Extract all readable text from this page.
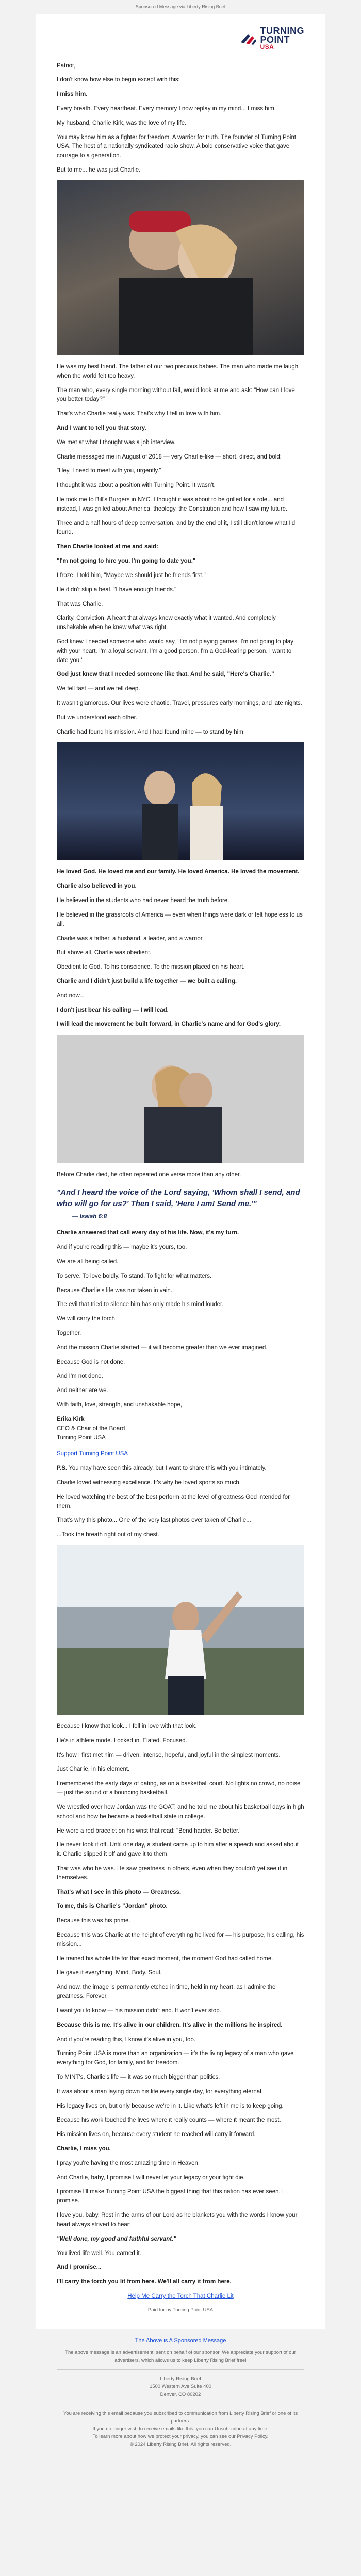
Sponsored Message via Liberty Rising Brief
TURNING
POINT
USA

Patriot,

I don't know how else to begin except with this:

I miss him.

Every breath. Every heartbeat. Every memory I now replay in my mind... I miss him.

My husband, Charlie Kirk, was the love of my life.

You may know him as a fighter for freedom. A warrior for truth. The founder of Turning Point USA. The host of a nationally syndicated radio show. A bold conservative voice that gave courage to a generation.

But to me... he was just Charlie.

He was my best friend. The father of our two precious babies. The man who made me laugh when the world felt too heavy.

The man who, every single morning without fail, would look at me and ask: "How can I love you better today?"

That's who Charlie really was. That's why I fell in love with him.

And I want to tell you that story.

We met at what I thought was a job interview.

Charlie messaged me in August of 2018 — very Charlie-like — short, direct, and bold:

"Hey, I need to meet with you, urgently."

I thought it was about a position with Turning Point. It wasn't.

He took me to Bill's Burgers in NYC. I thought it was about to be grilled for a role... and instead, I was grilled about America, theology, the Constitution and how I saw my future.

Three and a half hours of deep conversation, and by the end of it, I still didn't know what I'd found.

Then Charlie looked at me and said:

"I'm not going to hire you. I'm going to date you."

I froze. I told him, "Maybe we should just be friends first."

He didn't skip a beat. "I have enough friends."

That was Charlie.

Clarity. Conviction. A heart that always knew exactly what it wanted. And completely unshakable when he knew what was right.

God knew I needed someone who would say, "I'm not playing games. I'm not going to play with your heart. I'm a loyal servant. I'm a good person. I'm a God-fearing person. I want to date you."

God just knew that I needed someone like that. And he said, "Here's Charlie."

We fell fast — and we fell deep.

It wasn't glamorous. Our lives were chaotic. Travel, pressures early mornings, and late nights.

But we understood each other.

Charlie had found his mission. And I had found mine — to stand by him.

He loved God. He loved me and our family. He loved America. He loved the movement.

Charlie also believed in you.

He believed in the students who had never heard the truth before.

He believed in the grassroots of America — even when things were dark or felt hopeless to us all.

Charlie was a father, a husband, a leader, and a warrior.

But above all, Charlie was obedient.

Obedient to God. To his conscience. To the mission placed on his heart.

Charlie and I didn't just build a life together — we built a calling.

And now...

I don't just bear his calling — I will lead.

I will lead the movement he built forward, in Charlie's name and for God's glory.

Before Charlie died, he often repeated one verse more than any other.

"And I heard the voice of the Lord saying, 'Whom shall I send, and who will go for us?' Then I said, 'Here I am! Send me.'"
— Isaiah 6:8

Charlie answered that call every day of his life. Now, it's my turn.

And if you're reading this — maybe it's yours, too.

We are all being called.

To serve. To love boldly. To stand. To fight for what matters.

Because Charlie's life was not taken in vain.

The evil that tried to silence him has only made his mind louder.

We will carry the torch.

Together.

And the mission Charlie started — it will become greater than we ever imagined.

Because God is not done.

And I'm not done.

And neither are we.

With faith, love, strength, and unshakable hope,

Erika Kirk

CEO & Chair of the Board

Turning Point USA

Support Turning Point USA

P.S. You may have seen this already, but I want to share this with you intimately.

Charlie loved witnessing excellence. It's why he loved sports so much.

He loved watching the best of the best perform at the level of greatness God intended for them.

That's why this photo... One of the very last photos ever taken of Charlie...

...Took the breath right out of my chest.

Because I know that look... I fell in love with that look.

He's in athlete mode. Locked in. Elated. Focused.

It's how I first met him — driven, intense, hopeful, and joyful in the simplest moments.

Just Charlie, in his element.

I remembered the early days of dating, as on a basketball court. No lights no crowd, no noise — just the sound of a bouncing basketball.

We wrestled over how Jordan was the GOAT, and he told me about his basketball days in high school and how he became a basketball state in college.

He wore a red bracelet on his wrist that read: "Bend harder. Be better."

He never took it off. Until one day, a student came up to him after a speech and asked about it. Charlie slipped it off and gave it to them.

That was who he was. He saw greatness in others, even when they couldn't yet see it in themselves.

That's what I see in this photo — Greatness.

To me, this is Charlie's "Jordan" photo.

Because this was his prime.

Because this was Charlie at the height of everything he lived for — his purpose, his calling, his mission...

He trained his whole life for that exact moment, the moment God had called home.

He gave it everything. Mind. Body. Soul.

And now, the image is permanently etched in time, held in my heart, as I admire the greatness. Forever.

I want you to know — his mission didn't end. It won't ever stop.

Because this is me. It's alive in our children. It's alive in the millions he inspired.

And if you're reading this, I know it's alive in you, too.

Turning Point USA is more than an organization — it's the living legacy of a man who gave everything for God, for family, and for freedom.

To MINT's, Charlie's life — it was so much bigger than politics.

It was about a man laying down his life every single day, for everything eternal.

His legacy lives on, but only because we're in it. Like what's left in me is to keep going.

Because his work touched the lives where it really counts — where it meant the most.

His mission lives on, because every student he reached will carry it forward.

Charlie, I miss you.

I pray you're having the most amazing time in Heaven.

And Charlie, baby, I promise I will never let your legacy or your fight die.

I promise I'll make Turning Point USA the biggest thing that this nation has ever seen. I promise.

I love you, baby. Rest in the arms of our Lord as he blankets you with the words I know your heart always strived to hear:

"Well done, my good and faithful servant."

You lived life well. You earned it.

And I promise...

I'll carry the torch you lit from here. We'll all carry it from here.

Help Me Carry the Torch That Charlie Lit

Paid for by Turning Point USA
The Above is A Sponsored Message
The above message is an advertisement, sent on behalf of our sponsor. We appreciate your support of our advertisers, which allows us to keep Liberty Rising Brief free!
Liberty Rising Brief
1500 Western Ave Suite 400
Denver, CO 80202
You are receiving this email because you subscribed to communication from Liberty Rising Brief or one of its partners.
If you no longer wish to receive emails like this, you can Unsubscribe at any time.
To learn more about how we protect your privacy, you can see our Privacy Policy.
© 2024 Liberty Rising Brief. All rights reserved.
